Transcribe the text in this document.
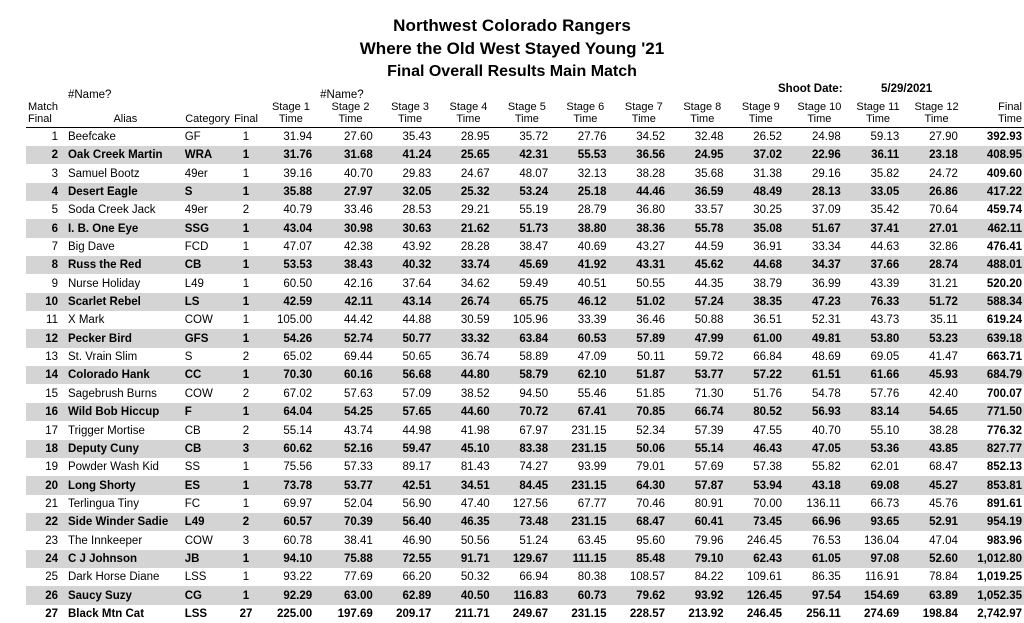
Northwest Colorado Rangers
Where the Old West Stayed Young '21
Final Overall Results Main Match
Shoot Date:	5/29/2021
	#Name?				#Name?											
Match				Stage 1	Stage 2	Stage 3	Stage 4	Stage 5	Stage 6	Stage 7	Stage 8	Stage 9	Stage 10	Stage 11	Stage 12	Final
Final	Alias	Category	Final	Time	Time	Time	Time	Time	Time	Time	Time	Time	Time	Time	Time	Time

1	Beefcake	GF	1	31.94	27.60	35.43	28.95	35.72	27.76	34.52	32.48	26.52	24.98	59.13	27.90	392.93
2	Oak Creek Martin	WRA	1	31.76	31.68	41.24	25.65	42.31	55.53	36.56	24.95	37.02	22.96	36.11	23.18	408.95
3	Samuel Bootz	49er	1	39.16	40.70	29.83	24.67	48.07	32.13	38.28	35.68	31.38	29.16	35.82	24.72	409.60
4	Desert Eagle	S	1	35.88	27.97	32.05	25.32	53.24	25.18	44.46	36.59	48.49	28.13	33.05	26.86	417.22
5	Soda Creek Jack	49er	2	40.79	33.46	28.53	29.21	55.19	28.79	36.80	33.57	30.25	37.09	35.42	70.64	459.74
6	I. B. One Eye	SSG	1	43.04	30.98	30.63	21.62	51.73	38.80	38.36	55.78	35.08	51.67	37.41	27.01	462.11
7	Big Dave	FCD	1	47.07	42.38	43.92	28.28	38.47	40.69	43.27	44.59	36.91	33.34	44.63	32.86	476.41
8	Russ the Red	CB	1	53.53	38.43	40.32	33.74	45.69	41.92	43.31	45.62	44.68	34.37	37.66	28.74	488.01
9	Nurse Holiday	L49	1	60.50	42.16	37.64	34.62	59.49	40.51	50.55	44.35	38.79	36.99	43.39	31.21	520.20
10	Scarlet Rebel	LS	1	42.59	42.11	43.14	26.74	65.75	46.12	51.02	57.24	38.35	47.23	76.33	51.72	588.34
11	X Mark	COW	1	105.00	44.42	44.88	30.59	105.96	33.39	36.46	50.88	36.51	52.31	43.73	35.11	619.24
12	Pecker Bird	GFS	1	54.26	52.74	50.77	33.32	63.84	60.53	57.89	47.99	61.00	49.81	53.80	53.23	639.18
13	St. Vrain Slim	S	2	65.02	69.44	50.65	36.74	58.89	47.09	50.11	59.72	66.84	48.69	69.05	41.47	663.71
14	Colorado Hank	CC	1	70.30	60.16	56.68	44.80	58.79	62.10	51.87	53.77	57.22	61.51	61.66	45.93	684.79
15	Sagebrush Burns	COW	2	67.02	57.63	57.09	38.52	94.50	55.46	51.85	71.30	51.76	54.78	57.76	42.40	700.07
16	Wild Bob Hiccup	F	1	64.04	54.25	57.65	44.60	70.72	67.41	70.85	66.74	80.52	56.93	83.14	54.65	771.50
17	Trigger Mortise	CB	2	55.14	43.74	44.98	41.98	67.97	231.15	52.34	57.39	47.55	40.70	55.10	38.28	776.32
18	Deputy Cuny	CB	3	60.62	52.16	59.47	45.10	83.38	231.15	50.06	55.14	46.43	47.05	53.36	43.85	827.77
19	Powder Wash Kid	SS	1	75.56	57.33	89.17	81.43	74.27	93.99	79.01	57.69	57.38	55.82	62.01	68.47	852.13
20	Long Shorty	ES	1	73.78	53.77	42.51	34.51	84.45	231.15	64.30	57.87	53.94	43.18	69.08	45.27	853.81
21	Terlingua Tiny	FC	1	69.97	52.04	56.90	47.40	127.56	67.77	70.46	80.91	70.00	136.11	66.73	45.76	891.61
22	Side Winder Sadie	L49	2	60.57	70.39	56.40	46.35	73.48	231.15	68.47	60.41	73.45	66.96	93.65	52.91	954.19
23	The Innkeeper	COW	3	60.78	38.41	46.90	50.56	51.24	63.45	95.60	79.96	246.45	76.53	136.04	47.04	983.96
24	C J Johnson	JB	1	94.10	75.88	72.55	91.71	129.67	111.15	85.48	79.10	62.43	61.05	97.08	52.60	1,012.80
25	Dark Horse Diane	LSS	1	93.22	77.69	66.20	50.32	66.94	80.38	108.57	84.22	109.61	86.35	116.91	78.84	1,019.25
26	Saucy Suzy	CG	1	92.29	63.00	62.89	40.50	116.83	60.73	79.62	93.92	126.45	97.54	154.69	63.89	1,052.35
27	Black Mtn Cat	LSS	27	225.00	197.69	209.17	211.71	249.67	231.15	228.57	213.92	246.45	256.11	274.69	198.84	2,742.97
